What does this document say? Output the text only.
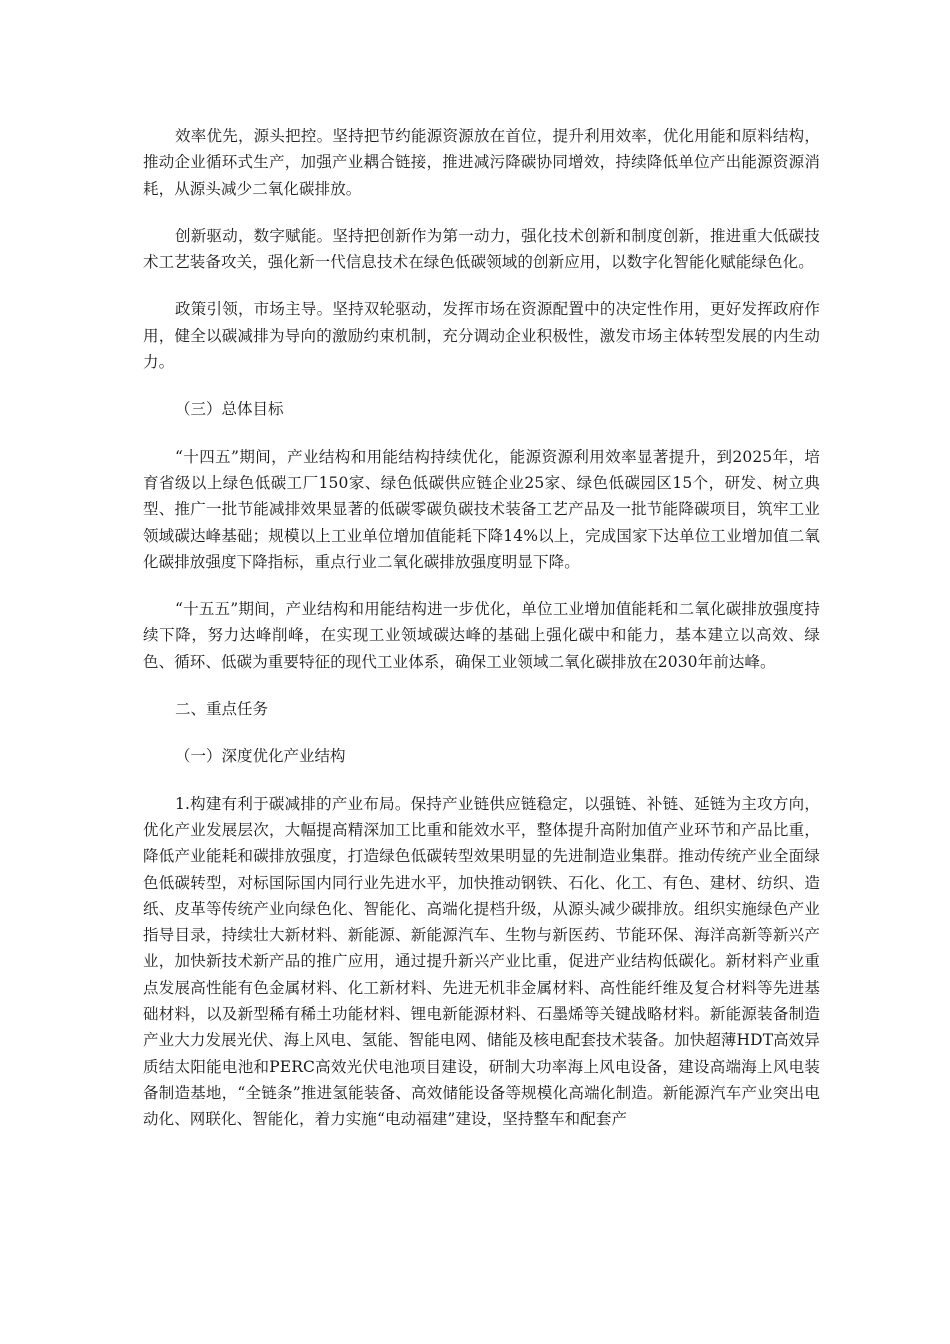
效率优先，源头把控。坚持把节约能源资源放在首位，提升利用效率，优化用能和原料结构，推动企业循环式生产，加强产业耦合链接，推进减污降碳协同增效，持续降低单位产出能源资源消耗，从源头减少二氧化碳排放。

创新驱动，数字赋能。坚持把创新作为第一动力，强化技术创新和制度创新，推进重大低碳技术工艺装备攻关，强化新一代信息技术在绿色低碳领域的创新应用，以数字化智能化赋能绿色化。

政策引领，市场主导。坚持双轮驱动，发挥市场在资源配置中的决定性作用，更好发挥政府作用，健全以碳减排为导向的激励约束机制，充分调动企业积极性，激发市场主体转型发展的内生动力。

（三）总体目标

“十四五”期间，产业结构和用能结构持续优化，能源资源利用效率显著提升，到2025年，培育省级以上绿色低碳工厂150家、绿色低碳供应链企业25家、绿色低碳园区15个，研发、树立典型、推广一批节能减排效果显著的低碳零碳负碳技术装备工艺产品及一批节能降碳项目，筑牢工业领域碳达峰基础；规模以上工业单位增加值能耗下降14%以上，完成国家下达单位工业增加值二氧化碳排放强度下降指标，重点行业二氧化碳排放强度明显下降。

“十五五”期间，产业结构和用能结构进一步优化，单位工业增加值能耗和二氧化碳排放强度持续下降，努力达峰削峰，在实现工业领域碳达峰的基础上强化碳中和能力，基本建立以高效、绿色、循环、低碳为重要特征的现代工业体系，确保工业领域二氧化碳排放在2030年前达峰。

二、重点任务

（一）深度优化产业结构

1.构建有利于碳减排的产业布局。保持产业链供应链稳定，以强链、补链、延链为主攻方向，优化产业发展层次，大幅提高精深加工比重和能效水平，整体提升高附加值产业环节和产品比重，降低产业能耗和碳排放强度，打造绿色低碳转型效果明显的先进制造业集群。推动传统产业全面绿色低碳转型，对标国际国内同行业先进水平，加快推动钢铁、石化、化工、有色、建材、纺织、造纸、皮革等传统产业向绿色化、智能化、高端化提档升级，从源头减少碳排放。组织实施绿色产业指导目录，持续壮大新材料、新能源、新能源汽车、生物与新医药、节能环保、海洋高新等新兴产业，加快新技术新产品的推广应用，通过提升新兴产业比重，促进产业结构低碳化。新材料产业重点发展高性能有色金属材料、化工新材料、先进无机非金属材料、高性能纤维及复合材料等先进基础材料，以及新型稀有稀土功能材料、锂电新能源材料、石墨烯等关键战略材料。新能源装备制造产业大力发展光伏、海上风电、氢能、智能电网、储能及核电配套技术装备。加快超薄HDT高效异质结太阳能电池和PERC高效光伏电池项目建设，研制大功率海上风电设备，建设高端海上风电装备制造基地，“全链条”推进氢能装备、高效储能设备等规模化高端化制造。新能源汽车产业突出电动化、网联化、智能化，着力实施“电动福建”建设，坚持整车和配套产
